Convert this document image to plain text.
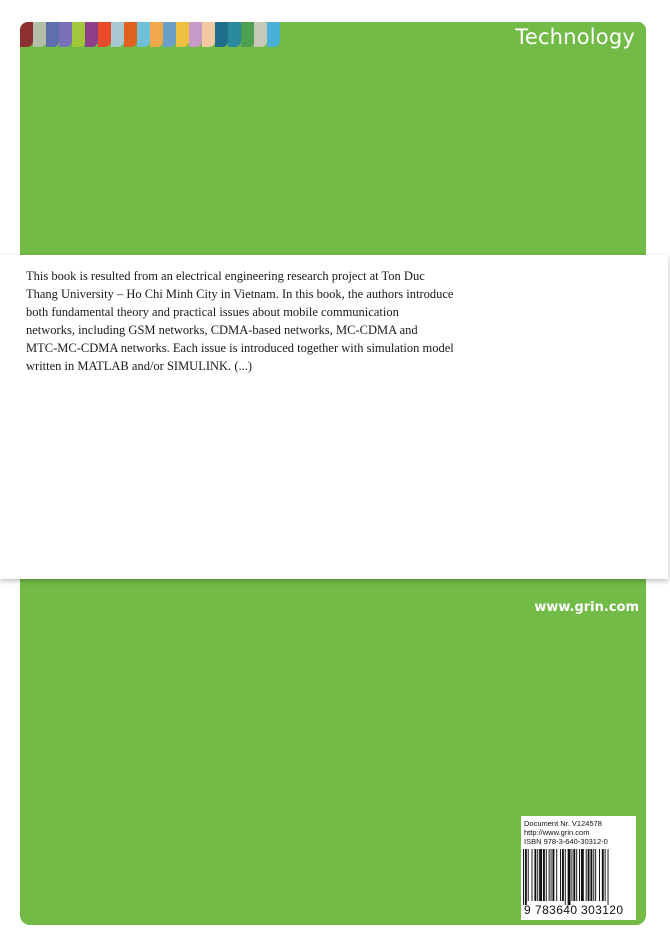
Technology

This book is resulted from an electrical engineering research project at Ton Duc
Thang University – Ho Chi Minh City in Vietnam. In this book, the authors introduce
both fundamental theory and practical issues about mobile communication
networks, including GSM networks, CDMA-based networks, MC-CDMA and
MTC-MC-CDMA networks. Each issue is introduced together with simulation model
written in MATLAB and/or SIMULINK. (...)

www.grin.com
Document Nr. V124578
http://www.grin.com
ISBN 978-3-640-30312-0
9 783640 303120
